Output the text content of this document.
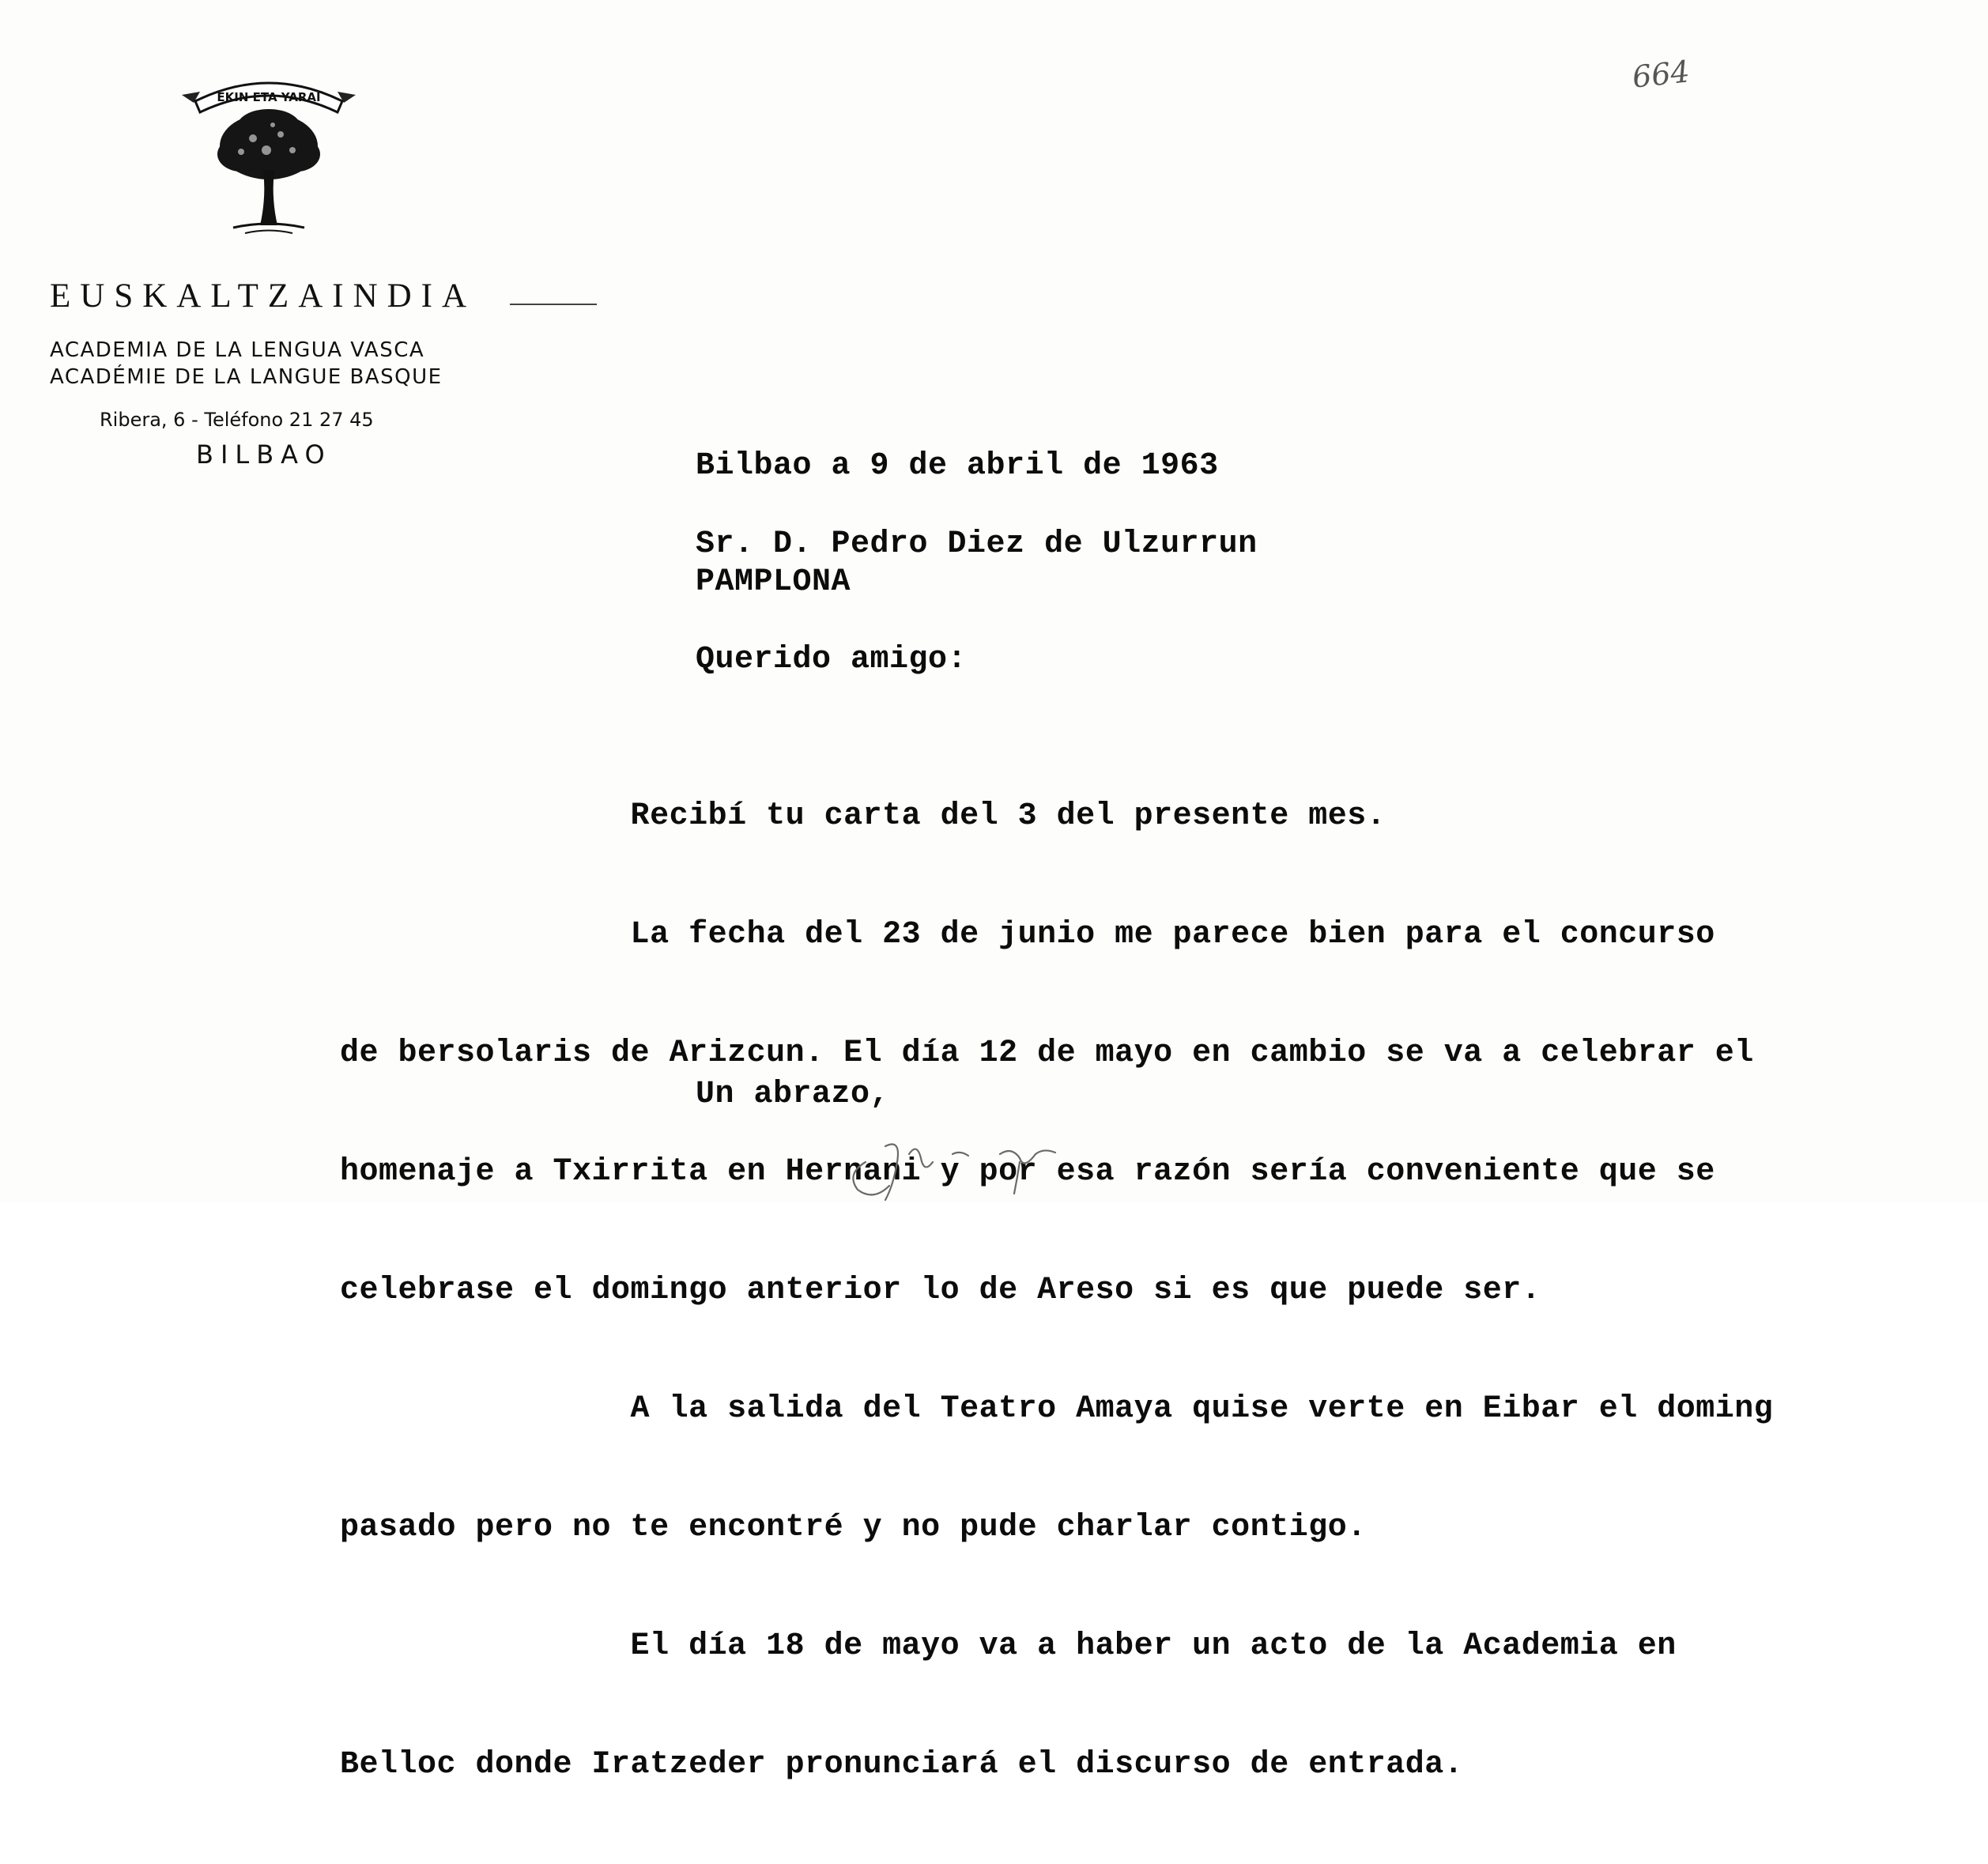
EKIN ETA YARAI
EUSKALTZAINDIA
ACADEMIA DE LA LENGUA VASCA
ACADÉMIE DE LA LANGUE BASQUE
Ribera, 6 - Teléfono 21 27 45
BILBAO
664
Bilbao a 9 de abril de 1963
Sr. D. Pedro Diez de Ulzurrun
PAMPLONA
Querido amigo:

Recibí tu carta del 3 del presente mes.

La fecha del 23 de junio me parece bien para el concurso

de bersolaris de Arizcun. El día 12 de mayo en cambio se va a celebrar el

homenaje a Txirrita en Hernani y por esa razón sería conveniente que se

celebrase el domingo anterior lo de Areso si es que puede ser.

A la salida del Teatro Amaya quise verte en Eibar el doming

pasado pero no te encontré y no pude charlar contigo.

El día 18 de mayo va a haber un acto de la Academia en

Belloc donde Iratzeder pronunciará el discurso de entrada.

Un abrazo,
